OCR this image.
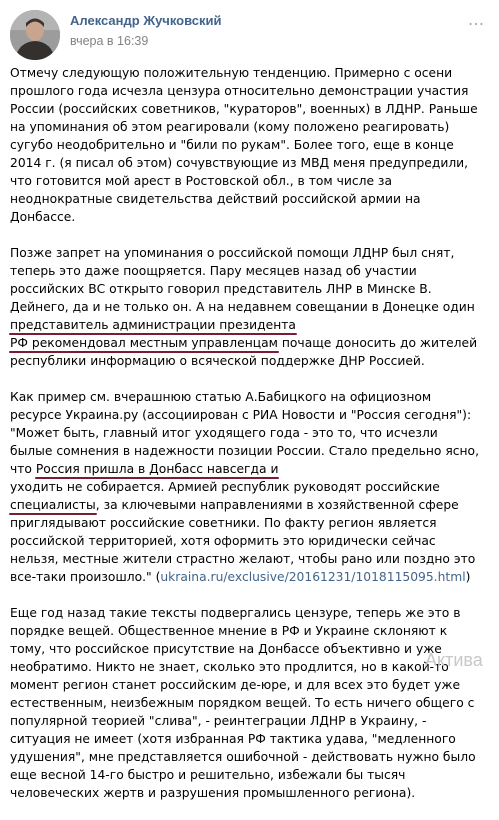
Александр Жучковский
вчера в 16:39
…

Отмечу следующую положительную тенденцию. Примерно с осени прошлого года исчезла цензура относительно демонстрации участия России (российских советников, "кураторов", военных) в ЛДНР. Раньше на упоминания об этом реагировали (кому положено реагировать) сугубо неодобрительно и "били по рукам". Более того, еще в конце 2014 г. (я писал об этом) сочувствующие из МВД меня предупредили, что готовится мой арест в Ростовской обл., в том числе за неоднократные свидетельства действий российской армии на Донбассе.

Позже запрет на упоминания о российской помощи ЛДНР был снят, теперь это даже поощряется. Пару месяцев назад об участии российских ВС открыто говорил представитель ЛНР в Минске В. Дейнего, да и не только он. А на недавнем совещании в Донецке один представитель администрации президента
РФ рекомендовал местным управленцам почаще доносить до жителей республики информацию о всяческой поддержке ДНР Россией.

Как пример см. вчерашнюю статью А.Бабицкого на официозном ресурсе Украина.ру (ассоциирован с РИА Новости и "Россия сегодня"): "Может быть, главный итог уходящего года - это то, что исчезли былые сомнения в надежности позиции России. Стало предельно ясно, что Россия пришла в Донбасс навсегда и
уходить не собирается. Армией республик руководят российские специалисты, за ключевыми направлениями в хозяйственной сфере приглядывают российские советники. По факту регион является российской территорией, хотя оформить это юридически сейчас нельзя, местные жители страстно желают, чтобы рано или поздно это все-таки произошло." (ukraina.ru/exclusive/20161231/1018115095.html)

Еще год назад такие тексты подвергались цензуре, теперь же это в порядке вещей. Общественное мнение в РФ и Украине склоняют к тому, что российское присутствие на Донбассе объективно и уже необратимо. Никто не знает, сколько это продлится, но в какой-то момент регион станет российским де-юре, и для всех это будет уже естественным, неизбежным порядком вещей. То есть ничего общего с популярной теорией "слива", - реинтеграции ЛДНР в Украину, - ситуация не имеет (хотя избранная РФ тактика удава, "медленного удушения", мне представляется ошибочной - действовать нужно было еще весной 14-го быстро и решительно, избежали бы тысяч человеческих жертв и разрушения промышленного региона).

Актива
